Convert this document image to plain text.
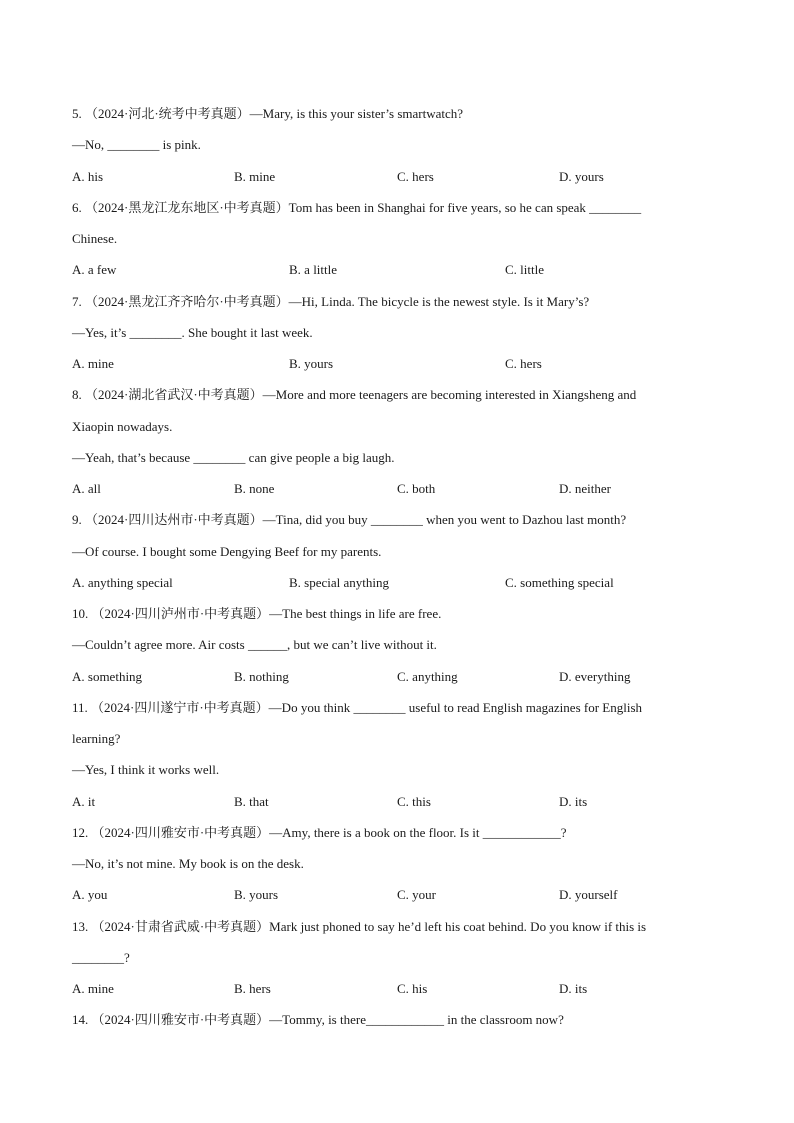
5. （2024·河北·统考中考真题）—Mary, is this your sister’s smartwatch?
—No, ________ is pink.
A. his	B. mine	C. hers	D. yours
6. （2024·黑龙江龙东地区·中考真题）Tom has been in Shanghai for five years, so he can speak ________
Chinese.
A. a few	B. a little	C. little
7. （2024·黑龙江齐齐哈尔·中考真题）—Hi, Linda. The bicycle is the newest style. Is it Mary’s?
—Yes, it’s ________. She bought it last week.
A. mine	B. yours	C. hers
8. （2024·湖北省武汉·中考真题）—More and more teenagers are becoming interested in Xiangsheng and
Xiaopin nowadays.
—Yeah, that’s because ________ can give people a big laugh.
A. all	B. none	C. both	D. neither
9. （2024·四川达州市·中考真题）—Tina, did you buy ________ when you went to Dazhou last month?
—Of course. I bought some Dengying Beef for my parents.
A. anything special	B. special anything	C. something special
10. （2024·四川泸州市·中考真题）—The best things in life are free.
—Couldn’t agree more. Air costs ______, but we can’t live without it.
A. something	B. nothing	C. anything	D. everything
11. （2024·四川遂宁市·中考真题）—Do you think ________ useful to read English magazines for English
learning?
—Yes, I think it works well.
A. it	B. that	C. this	D. its
12. （2024·四川雅安市·中考真题）—Amy, there is a book on the floor. Is it ____________?
—No, it’s not mine. My book is on the desk.
A. you	B. yours	C. your	D. yourself
13. （2024·甘肃省武威·中考真题）Mark just phoned to say he’d left his coat behind. Do you know if this is
________?
A. mine	B. hers	C. his	D. its
14. （2024·四川雅安市·中考真题）—Tommy, is there____________ in the classroom now?
